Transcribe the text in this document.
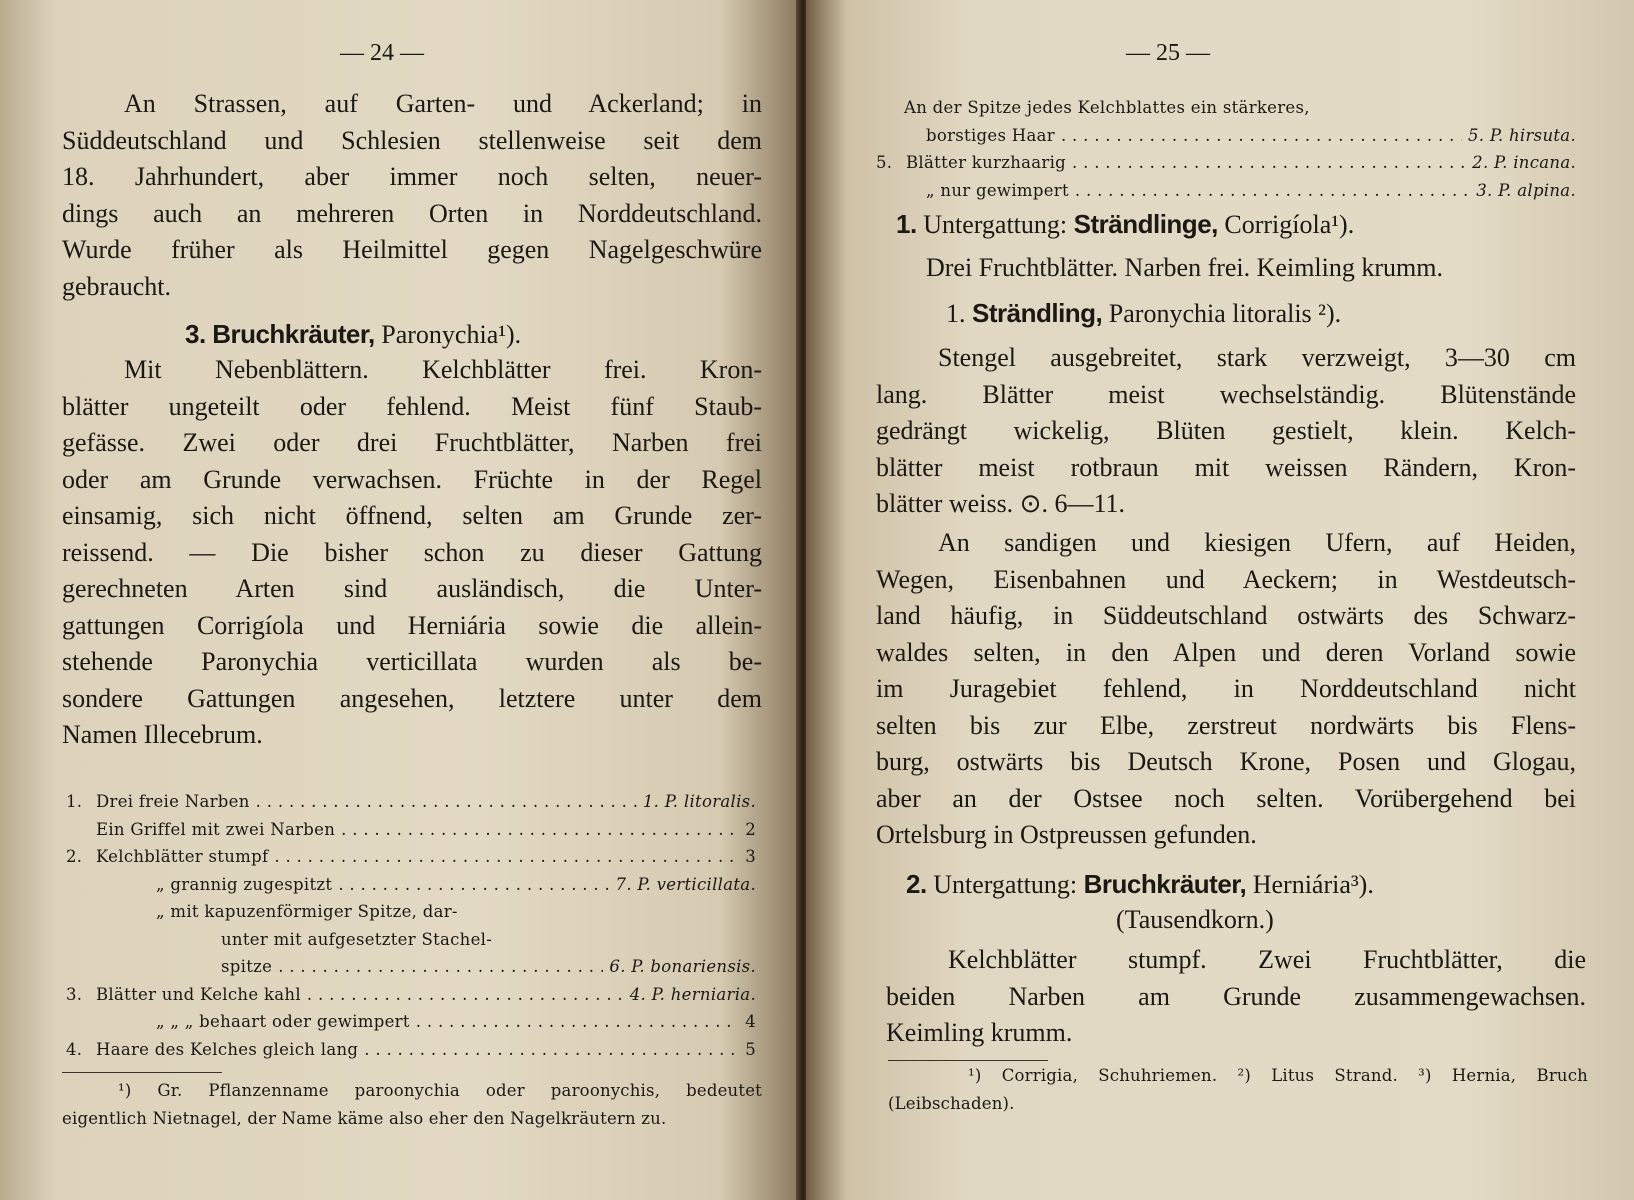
— 24 —
An Strassen, auf Garten- und Ackerland; in
Süddeutschland und Schlesien stellenweise seit dem
18. Jahrhundert, aber immer noch selten, neuer-
dings auch an mehreren Orten in Norddeutschland.
Wurde früher als Heilmittel gegen Nagelgeschwüre
gebraucht.
3. Bruchkräuter, Paronychia¹).
Mit Nebenblättern. Kelchblätter frei. Kron-
blätter ungeteilt oder fehlend. Meist fünf Staub-
gefässe. Zwei oder drei Fruchtblätter, Narben frei
oder am Grunde verwachsen. Früchte in der Regel
einsamig, sich nicht öffnend, selten am Grunde zer-
reissend. — Die bisher schon zu dieser Gattung
gerechneten Arten sind ausländisch, die Unter-
gattungen Corrigíola und Herniária sowie die allein-
stehende Paronychia verticillata wurden als be-
sondere Gattungen angesehen, letztere unter dem
Namen Illecebrum.
1. Drei freie Narben . . .	1. P. litoralis.
Ein Griffel mit zwei Narben . . .	2
2. Kelchblätter stumpf . . .	3
„ grannig zugespitzt . . .	7. P. verticillata.
„ mit kapuzenförmiger Spitze, dar-
unter mit aufgesetzter Stachel-
spitze . . .	6. P. bonariensis.
3. Blätter und Kelche kahl . . .	4. P. herniaria.
„ „ „ behaart oder gewimpert . . .	4
4. Haare des Kelches gleich lang . . .	5
¹) Gr. Pflanzenname paroonychia oder paroonychis, bedeutet
eigentlich Nietnagel, der Name käme also eher den Nagelkräutern zu.
— 25 —
An der Spitze jedes Kelchblattes ein stärkeres,
borstiges Haar . . .	5. P. hirsuta.
5. Blätter kurzhaarig . . .	2. P. incana.
„ nur gewimpert . . .	3. P. alpina.
1. Untergattung: Strändlinge, Corrigíola¹).
Drei Fruchtblätter. Narben frei. Keimling krumm.
1. Strändling, Paronychia litoralis ²).
Stengel ausgebreitet, stark verzweigt, 3—30 cm
lang. Blätter meist wechselständig. Blütenstände
gedrängt wickelig, Blüten gestielt, klein. Kelch-
blätter meist rotbraun mit weissen Rändern, Kron-
blätter weiss. ⊙. 6—11.
An sandigen und kiesigen Ufern, auf Heiden,
Wegen, Eisenbahnen und Aeckern; in Westdeutsch-
land häufig, in Süddeutschland ostwärts des Schwarz-
waldes selten, in den Alpen und deren Vorland sowie
im Juragebiet fehlend, in Norddeutschland nicht
selten bis zur Elbe, zerstreut nordwärts bis Flens-
burg, ostwärts bis Deutsch Krone, Posen und Glogau,
aber an der Ostsee noch selten. Vorübergehend bei
Ortelsburg in Ostpreussen gefunden.
2. Untergattung: Bruchkräuter, Herniária³).
(Tausendkorn.)
Kelchblätter stumpf. Zwei Fruchtblätter, die
beiden Narben am Grunde zusammengewachsen.
Keimling krumm.
¹) Corrigia, Schuhriemen. ²) Litus Strand. ³) Hernia, Bruch
(Leibschaden).
